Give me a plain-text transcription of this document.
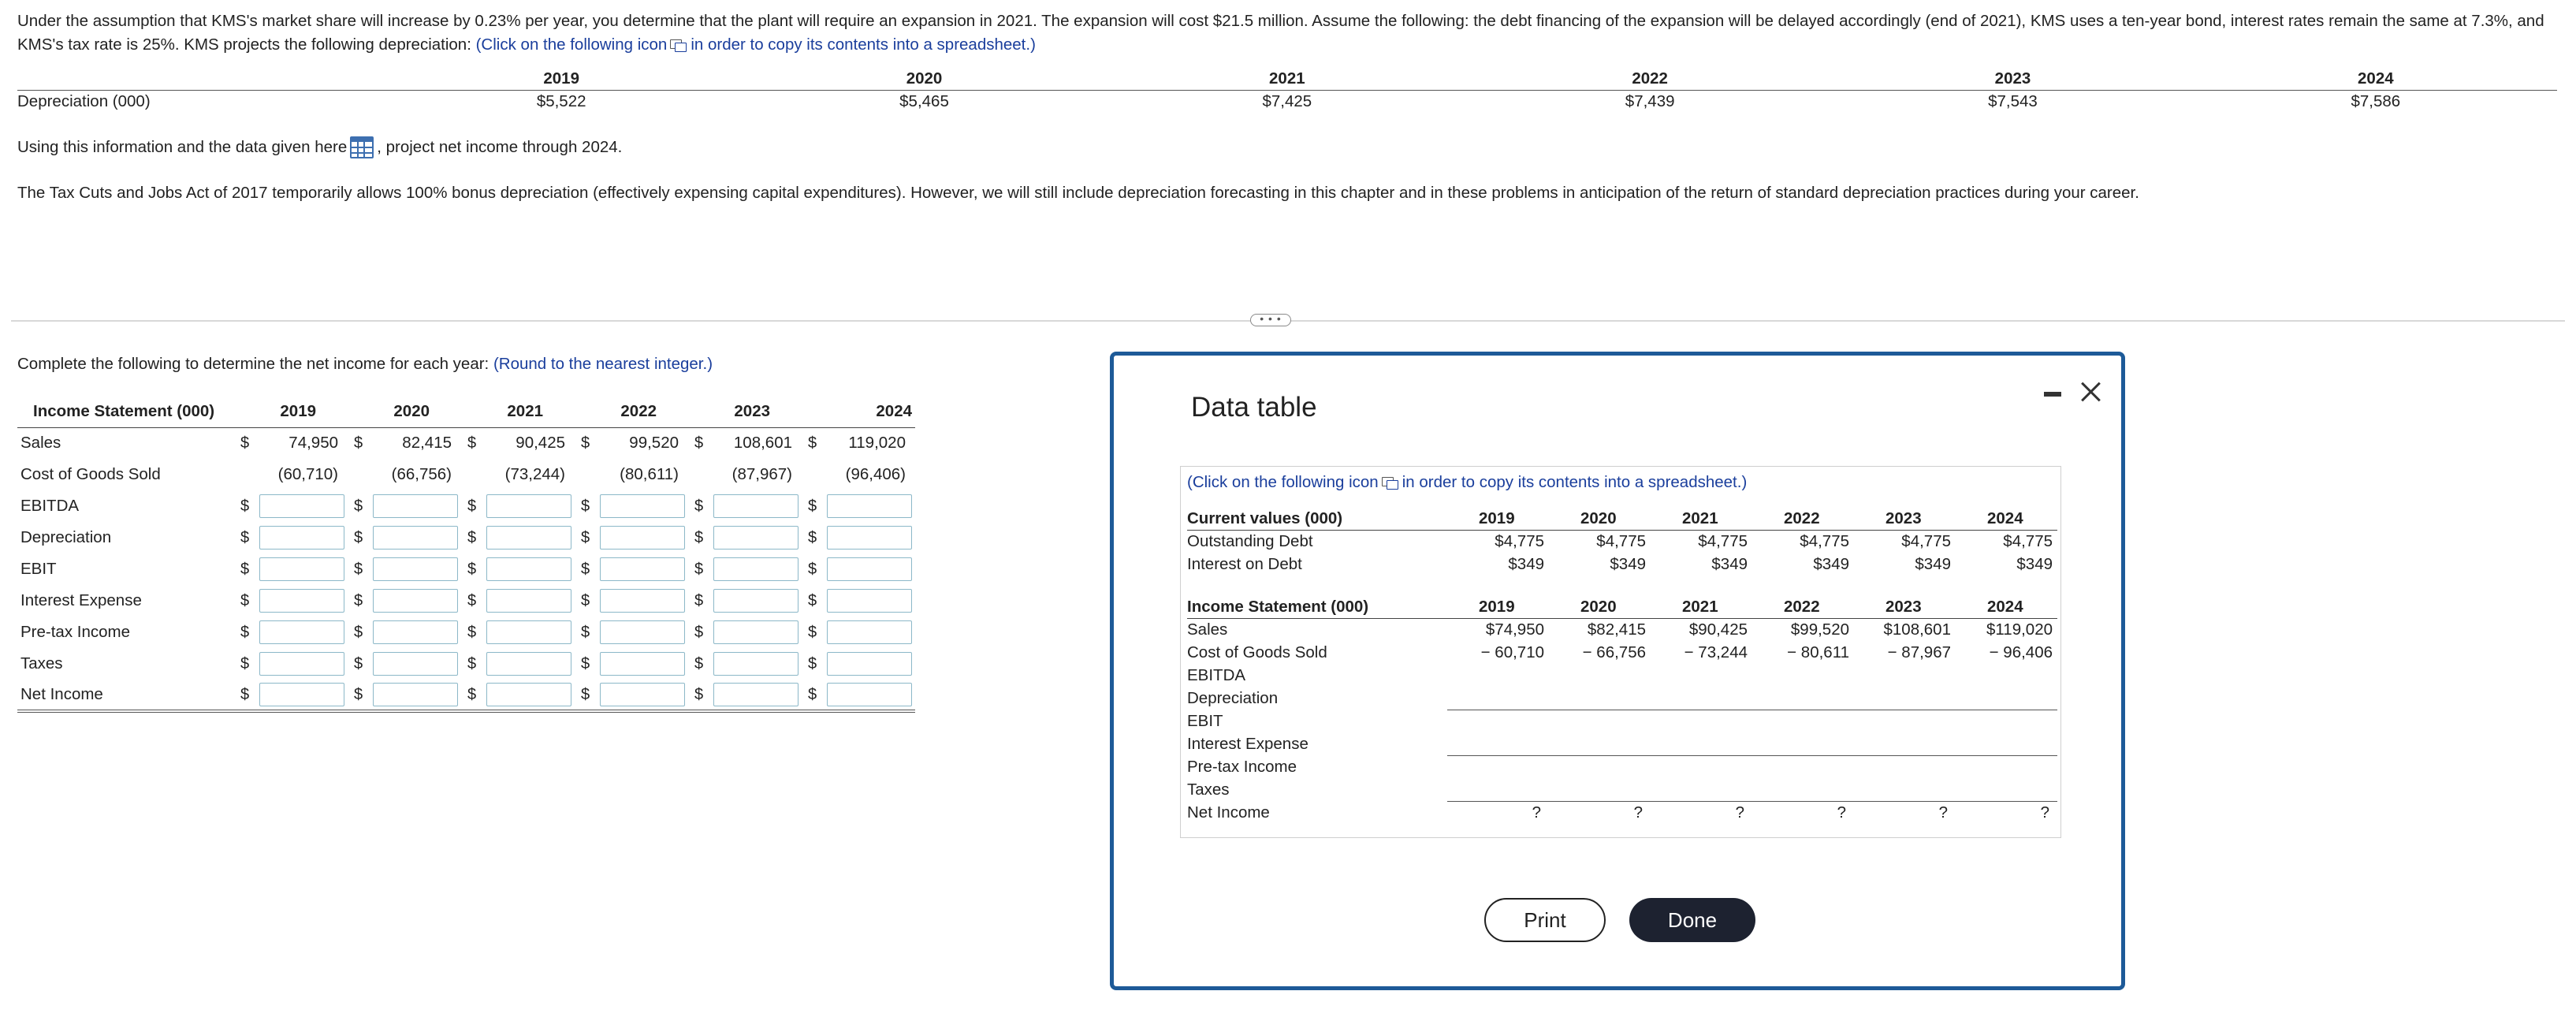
Under the assumption that KMS's market share will increase by 0.23% per year, you determine that the plant will require an expansion in 2021. The expansion will cost $21.5 million. Assume the following: the debt financing of the expansion will be delayed accordingly (end of 2021), KMS uses a ten-year bond, interest rates remain the same at 7.3%, and KMS's tax rate is 25%. KMS projects the following depreciation: (Click on the following icon in order to copy its contents into a spreadsheet.)
	2019	2020	2021	2022	2023	2024
Depreciation (000)	$5,522	$5,465	$7,425	$7,439	$7,543	$7,586
Using this information and the data given here , project net income through 2024.
The Tax Cuts and Jobs Act of 2017 temporarily allows 100% bonus depreciation (effectively expensing capital expenditures). However, we will still include depreciation forecasting in this chapter and in these problems in anticipation of the return of standard depreciation practices during your career.
• • •
Complete the following to determine the net income for each year: (Round to the nearest integer.)
Income Statement (000)	2019	2020	2021	2022	2023	2024
Sales	$ 74,950	$ 82,415	$ 90,425	$ 99,520	$ 108,601	$ 119,020

Cost of Goods Sold	(60,710)	(66,756)	(73,244)	(80,611)	(87,967)	(96,406)

EBITDA	$	$	$	$	$	$

Depreciation	$	$	$	$	$	$

EBIT	$	$	$	$	$	$

Interest Expense	$	$	$	$	$	$

Pre-tax Income	$	$	$	$	$	$

Taxes	$	$	$	$	$	$

Net Income	$	$	$	$	$	$
Data table
(Click on the following icon in order to copy its contents into a spreadsheet.)
Current values (000)	2019	2020	2021	2022	2023	2024
Outstanding Debt	$4,775	$4,775	$4,775	$4,775	$4,775	$4,775
Interest on Debt	$349	$349	$349	$349	$349	$349
Income Statement (000)	2019	2020	2021	2022	2023	2024
Sales	$74,950	$82,415	$90,425	$99,520	$108,601	$119,020
Cost of Goods Sold	− 60,710	− 66,756	− 73,244	− 80,611	− 87,967	− 96,406
EBITDA						
Depreciation						
EBIT						
Interest Expense						
Pre-tax Income						
Taxes						
Net Income	?	?	?	?	?	?
Print	Done
